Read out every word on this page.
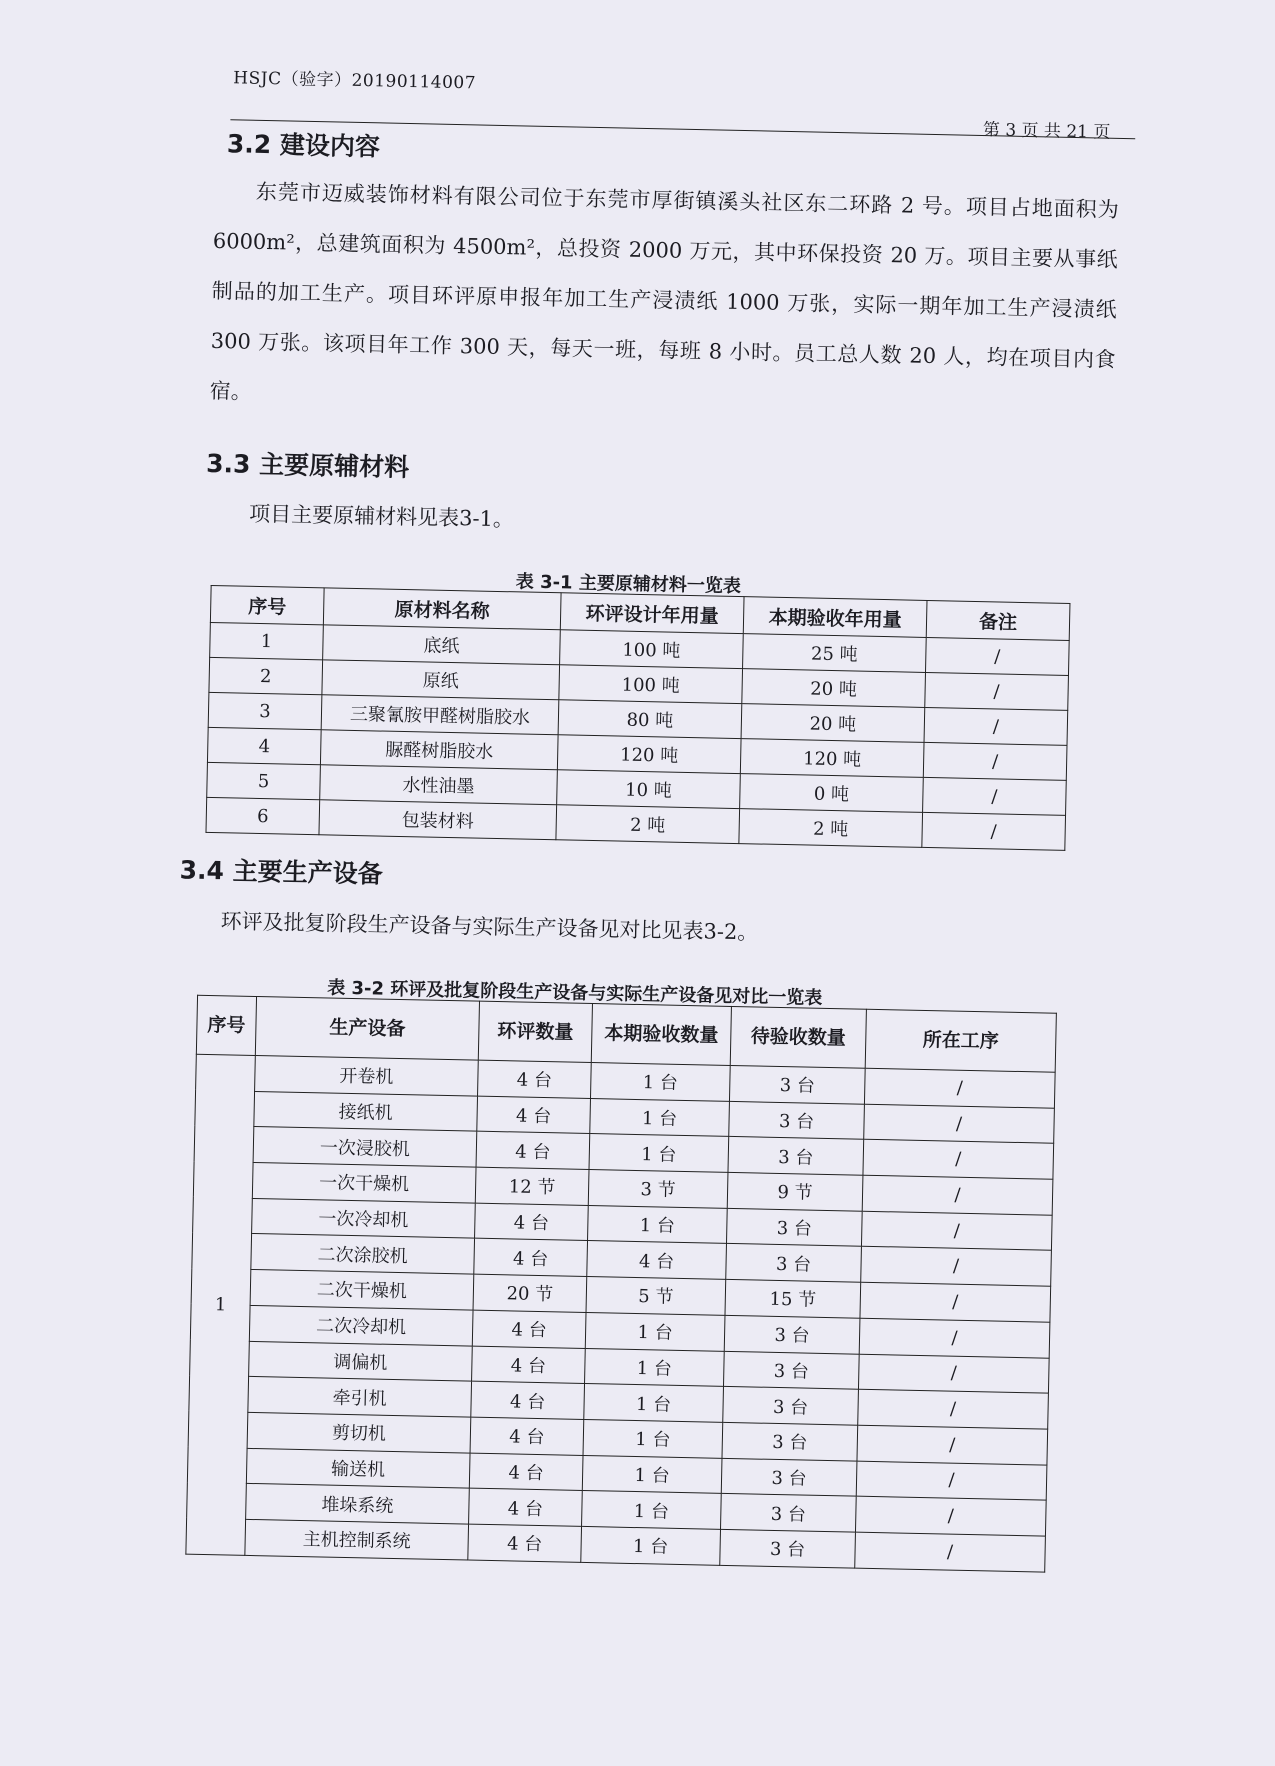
HSJC（验字）20190114007
第 3 页 共 21 页
3.2 建设内容

东莞市迈威装饰材料有限公司位于东莞市厚街镇溪头社区东二环路 2 号。项目占地面积为 6000m²，总建筑面积为 4500m²，总投资 2000 万元，其中环保投资 20 万。项目主要从事纸制品的加工生产。项目环评原申报年加工生产浸渍纸 1000 万张，实际一期年加工生产浸渍纸 300 万张。该项目年工作 300 天，每天一班，每班 8 小时。员工总人数 20 人，均在项目内食宿。

3.3 主要原辅材料

项目主要原辅材料见表3-1。

表 3-1 主要原辅材料一览表
序号	原材料名称	环评设计年用量	本期验收年用量	备注
1	底纸	100 吨	25 吨	/
2	原纸	100 吨	20 吨	/
3	三聚氰胺甲醛树脂胶水	80 吨	20 吨	/
4	脲醛树脂胶水	120 吨	120 吨	/
5	水性油墨	10 吨	0 吨	/
6	包装材料	2 吨	2 吨	/
3.4 主要生产设备

环评及批复阶段生产设备与实际生产设备见对比见表3-2。

表 3-2 环评及批复阶段生产设备与实际生产设备见对比一览表
序号	生产设备	环评数量	本期验收数量	待验收数量	所在工序
1	开卷机	4 台	1 台	3 台	/
	接纸机	4 台	1 台	3 台	/
	一次浸胶机	4 台	1 台	3 台	/
	一次干燥机	12 节	3 节	9 节	/
	一次冷却机	4 台	1 台	3 台	/
	二次涂胶机	4 台	4 台	3 台	/
	二次干燥机	20 节	5 节	15 节	/
	二次冷却机	4 台	1 台	3 台	/
	调偏机	4 台	1 台	3 台	/
	牵引机	4 台	1 台	3 台	/
	剪切机	4 台	1 台	3 台	/
	输送机	4 台	1 台	3 台	/
	堆垛系统	4 台	1 台	3 台	/
	主机控制系统	4 台	1 台	3 台	/
